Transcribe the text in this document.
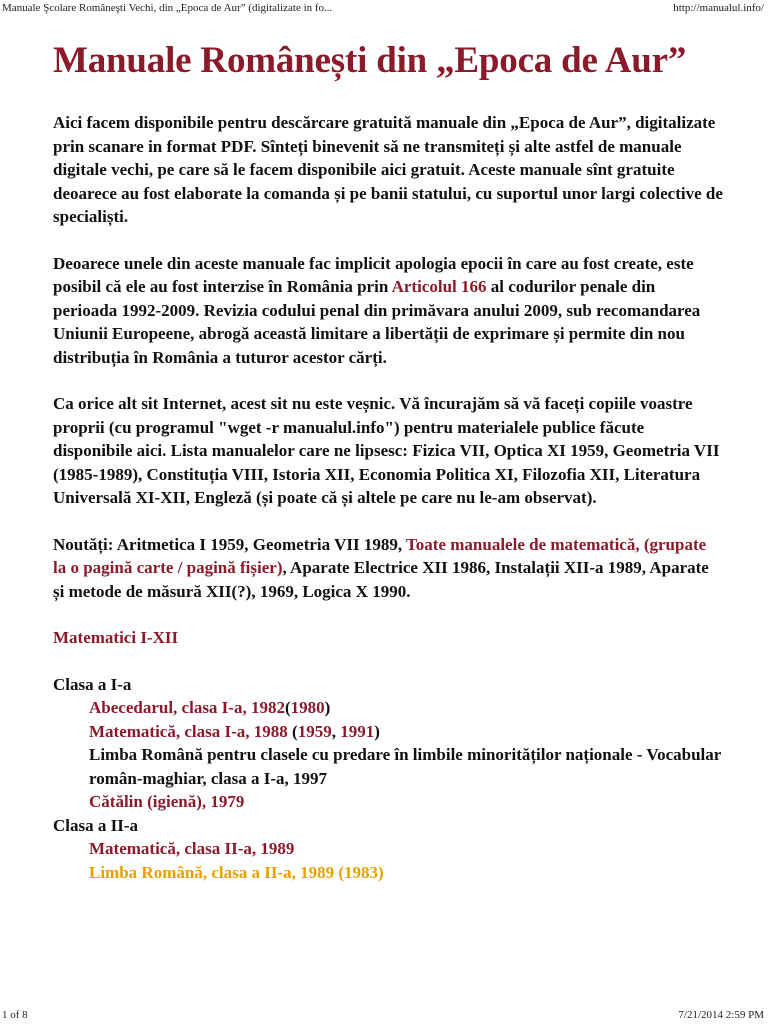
Manuale Şcolare Româneşti Vechi, din „Epoca de Aur” (digitalizate in fo...	http://manualul.info/
Manuale Românești din „Epoca de Aur”

Aici facem disponibile pentru descărcare gratuită manuale din „Epoca de Aur”, digitalizate prin scanare in format PDF. Sînteți binevenit să ne transmiteți și alte astfel de manuale digitale vechi, pe care să le facem disponibile aici gratuit. Aceste manuale sînt gratuite deoarece au fost elaborate la comanda și pe banii statului, cu suportul unor largi colective de specialiști.

Deoarece unele din aceste manuale fac implicit apologia epocii în care au fost create, este posibil că ele au fost interzise în România prin Articolul 166 al codurilor penale din perioada 1992-2009. Revizia codului penal din primăvara anului 2009, sub recomandarea Uniunii Europeene, abrogă această limitare a libertății de exprimare și permite din nou distribuția în România a tuturor acestor cărți.

Ca orice alt sit Internet, acest sit nu este veșnic. Vă încurajăm să vă faceți copiile voastre proprii (cu programul "wget -r manualul.info") pentru materialele publice făcute disponibile aici. Lista manualelor care ne lipsesc: Fizica VII, Optica XI 1959, Geometria VII (1985-1989), Constituția VIII, Istoria XII, Economia Politica XI, Filozofia XII, Literatura Universală XI-XII, Engleză (și poate că și altele pe care nu le-am observat).

Noutăți: Aritmetica I 1959, Geometria VII 1989, Toate manualele de matematică, (grupate la o pagină carte / pagină fișier), Aparate Electrice XII 1986, Instalații XII-a 1989, Aparate și metode de măsură XII(?), 1969, Logica X 1990.

Matematici I-XII
Clasa a I-a
Abecedarul, clasa I-a, 1982(1980)
Matematică, clasa I-a, 1988 (1959, 1991)
Limba Română pentru clasele cu predare în limbile minorităților naționale - Vocabular român-maghiar, clasa a I-a, 1997
Cătălin (igienă), 1979
Clasa a II-a
Matematică, clasa II-a, 1989
Limba Română, clasa a II-a, 1989 (1983)
1 of 8	7/21/2014 2:59 PM
